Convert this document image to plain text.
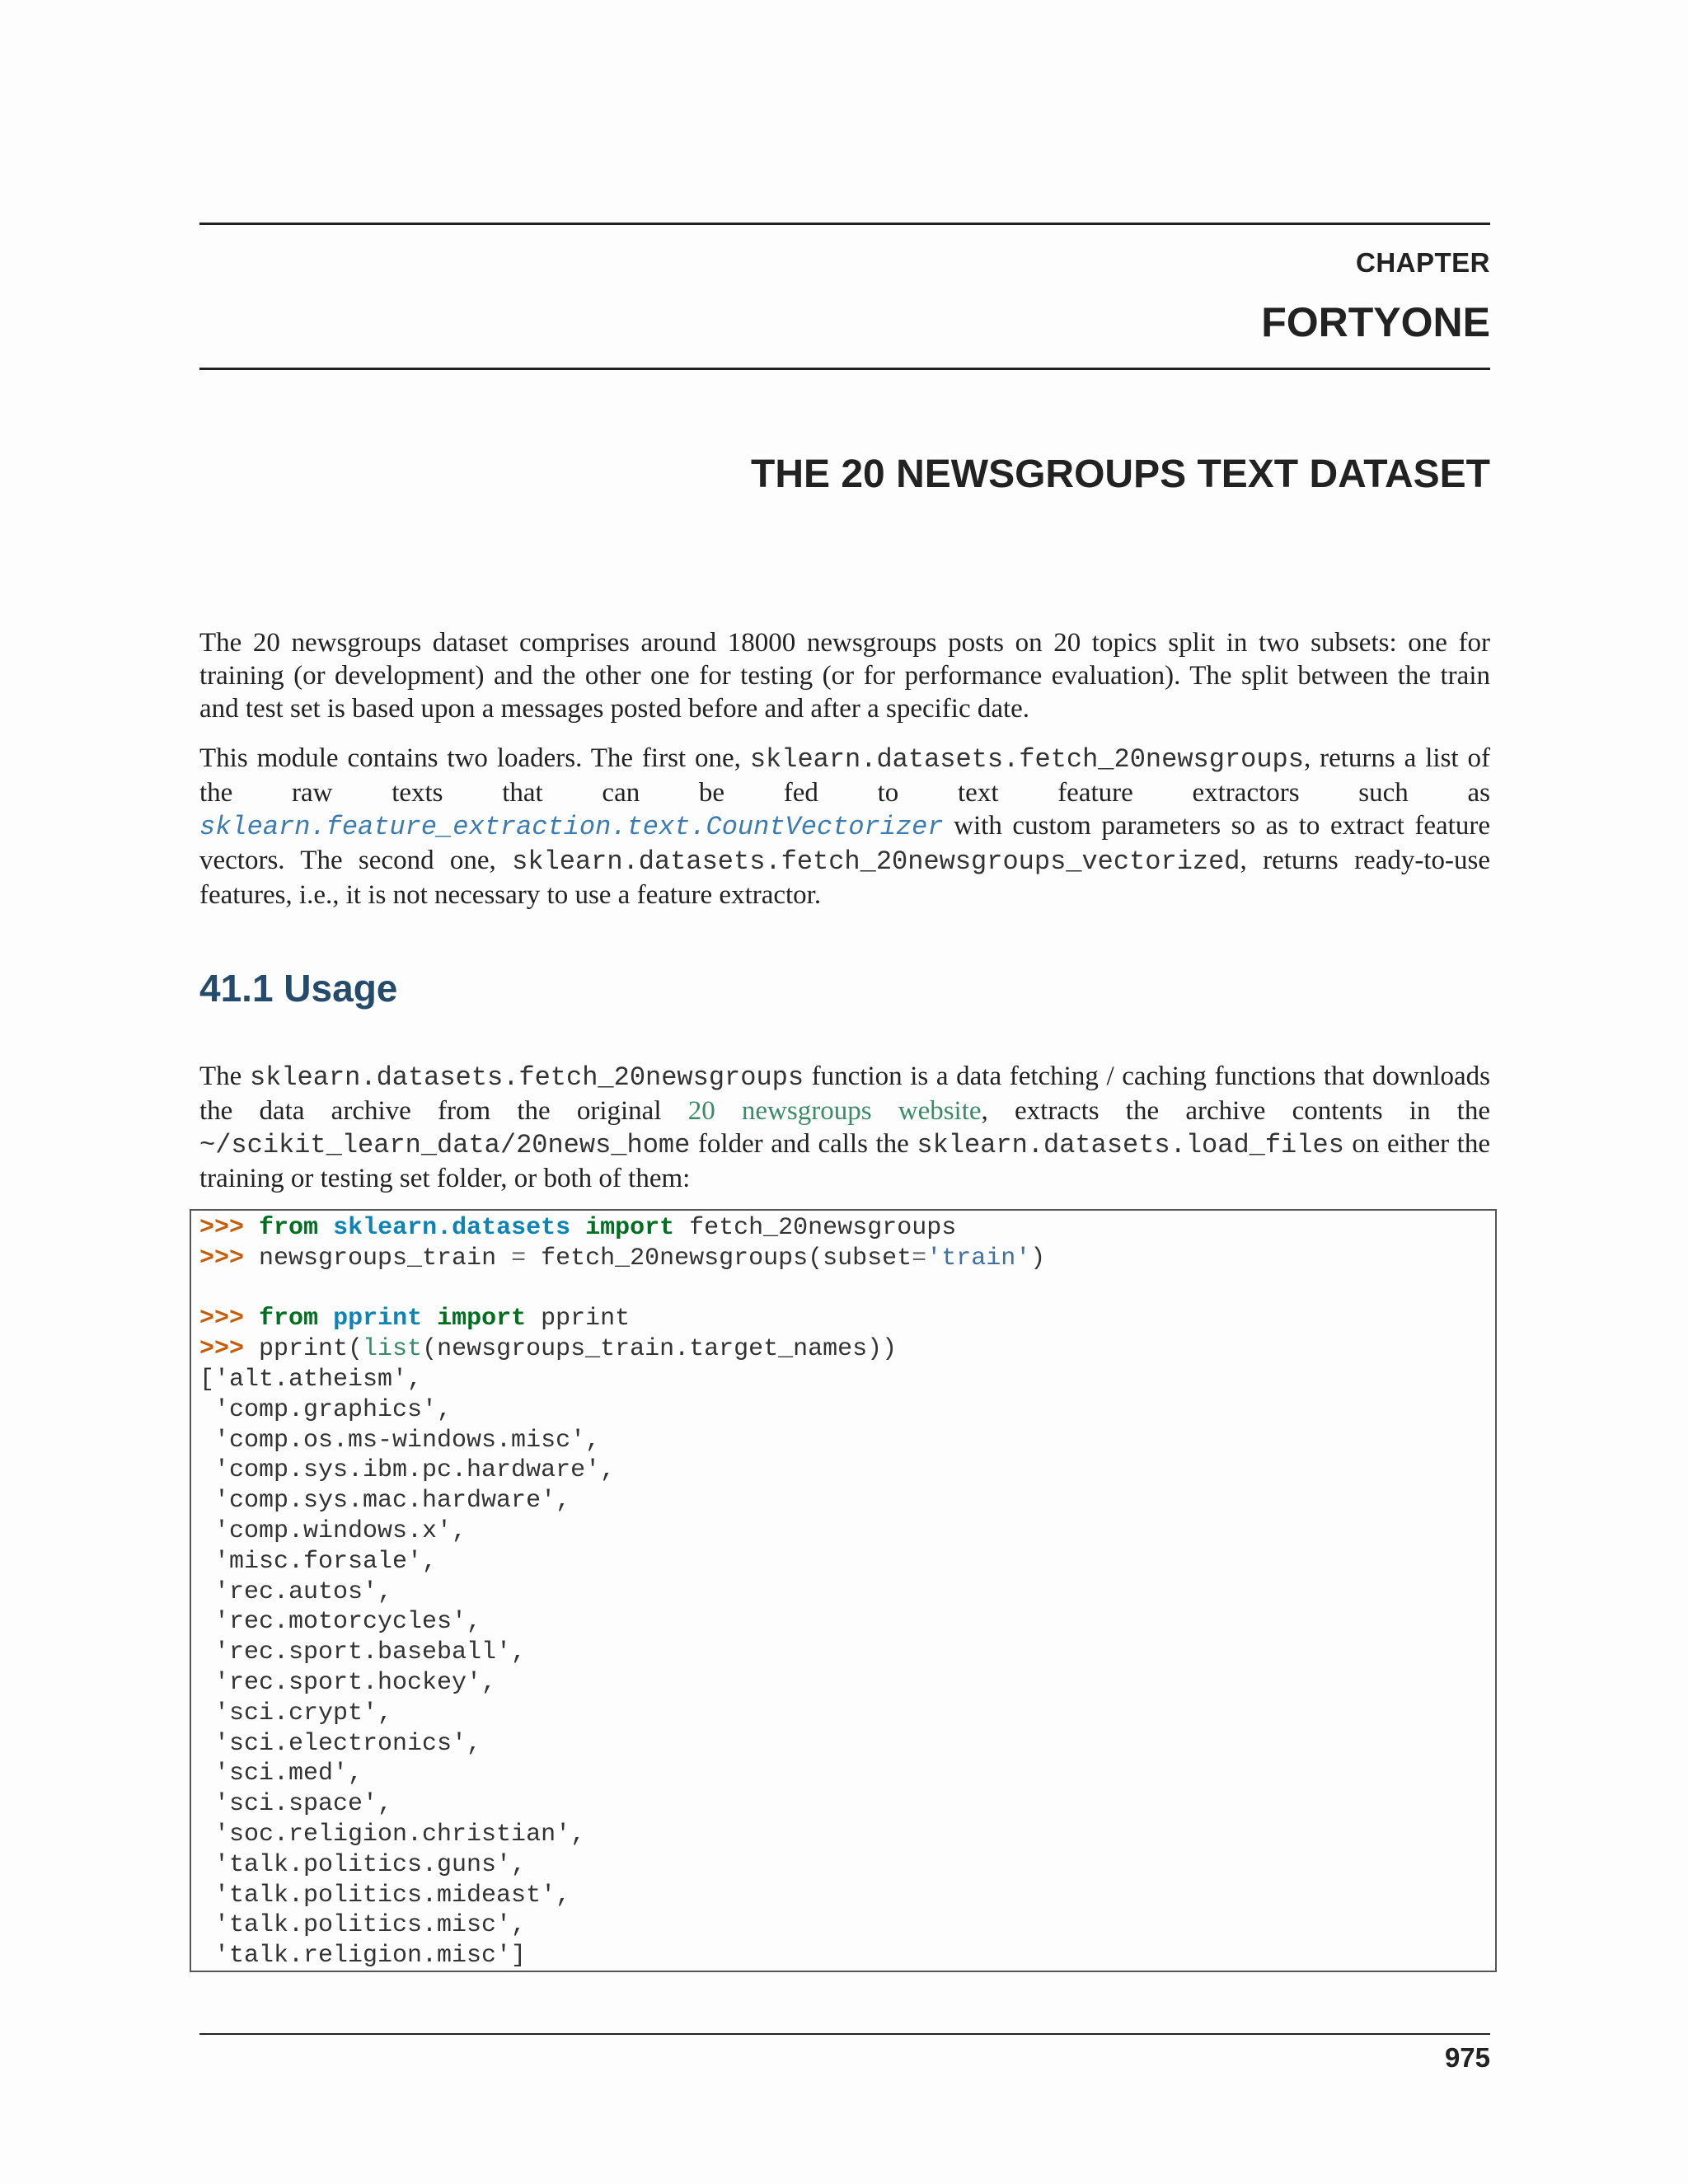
CHAPTER
FORTYONE
THE 20 NEWSGROUPS TEXT DATASET
The 20 newsgroups dataset comprises around 18000 newsgroups posts on 20 topics split in two subsets: one for training (or development) and the other one for testing (or for performance evaluation). The split between the train and test set is based upon a messages posted before and after a specific date.
This module contains two loaders. The first one, sklearn.datasets.fetch_20newsgroups, returns a list of the raw texts that can be fed to text feature extractors such as sklearn.feature_extraction.text.CountVectorizer with custom parameters so as to extract feature vectors. The second one, sklearn.datasets.fetch_20newsgroups_vectorized, returns ready-to-use features, i.e., it is not necessary to use a feature extractor.
41.1 Usage
The sklearn.datasets.fetch_20newsgroups function is a data fetching / caching functions that downloads the data archive from the original 20 newsgroups website, extracts the archive contents in the ~/scikit_learn_data/20news_home folder and calls the sklearn.datasets.load_files on either the training or testing set folder, or both of them:
>>> from sklearn.datasets import fetch_20newsgroups
>>> newsgroups_train = fetch_20newsgroups(subset='train')

>>> from pprint import pprint
>>> pprint(list(newsgroups_train.target_names))
['alt.atheism',
'comp.graphics',
'comp.os.ms-windows.misc',
'comp.sys.ibm.pc.hardware',
'comp.sys.mac.hardware',
'comp.windows.x',
'misc.forsale',
'rec.autos',
'rec.motorcycles',
'rec.sport.baseball',
'rec.sport.hockey',
'sci.crypt',
'sci.electronics',
'sci.med',
'sci.space',
'soc.religion.christian',
'talk.politics.guns',
'talk.politics.mideast',
'talk.politics.misc',
'talk.religion.misc']
975
